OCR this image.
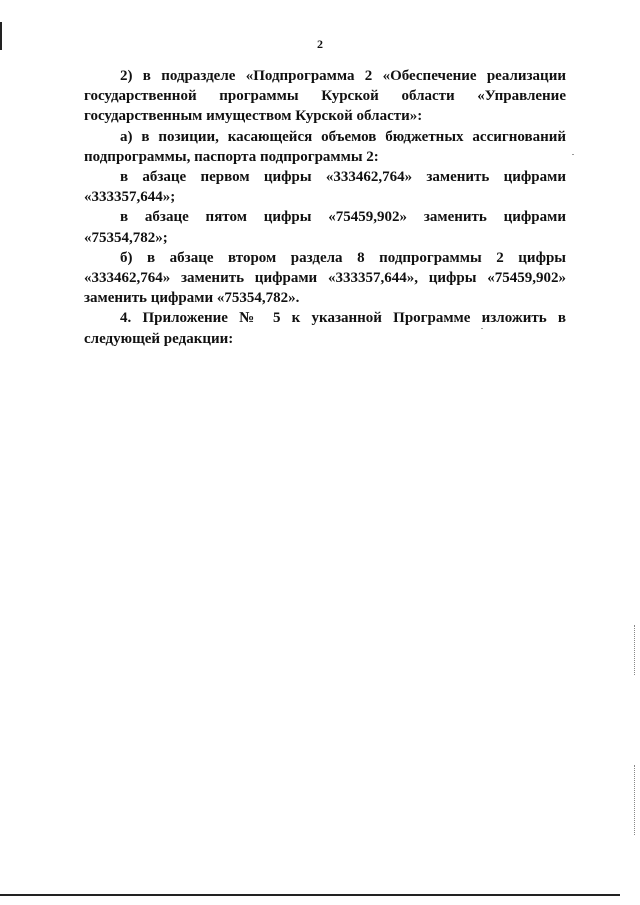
2

2) в подразделе «Подпрограмма 2 «Обеспечение реализации государственной программы Курской области «Управление государственным имуществом Курской области»:

а) в позиции, касающейся объемов бюджетных ассигнований подпрограммы, паспорта подпрограммы 2:

в абзаце первом цифры «333462,764» заменить цифрами «333357,644»;

в абзаце пятом цифры «75459,902» заменить цифрами «75354,782»;

б) в абзаце втором раздела 8 подпрограммы 2 цифры «333462,764» заменить цифрами «333357,644», цифры «75459,902» заменить цифрами «75354,782».

4. Приложение № 5 к указанной Программе изложить в следующей редакции:
